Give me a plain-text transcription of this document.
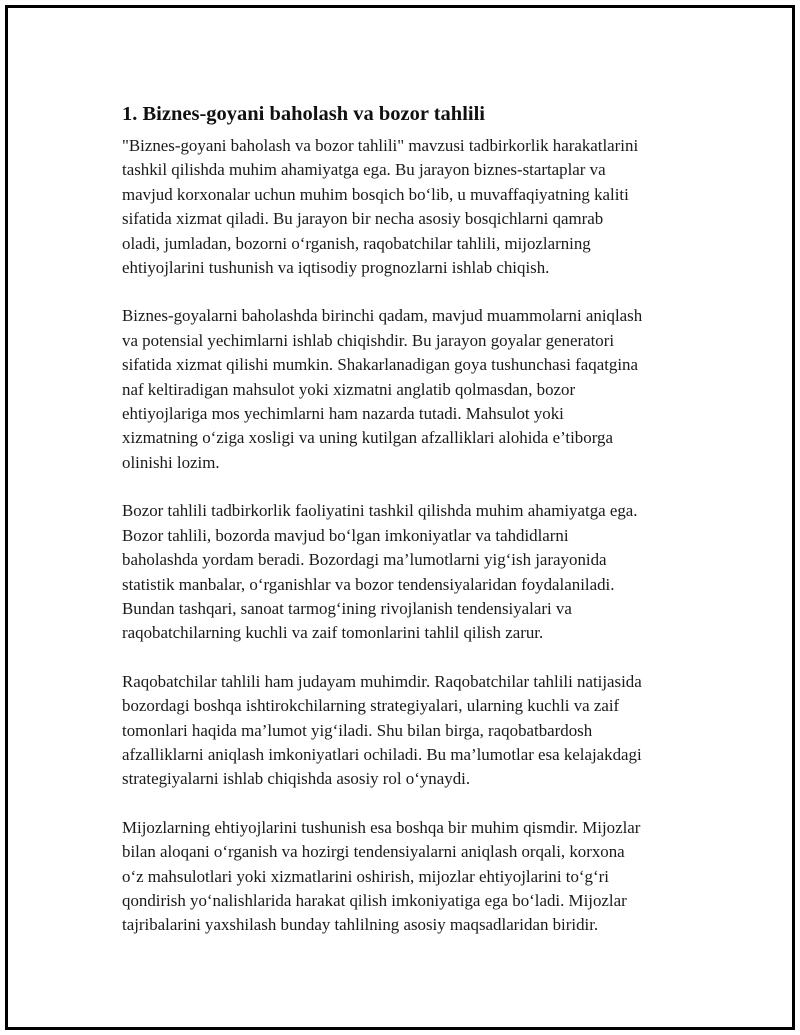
1. Biznes-goyani baholash va bozor tahlili

"Biznes-goyani baholash va bozor tahlili" mavzusi tadbirkorlik harakatlarini
tashkil qilishda muhim ahamiyatga ega. Bu jarayon biznes-startaplar va
mavjud korxonalar uchun muhim bosqich bo‘lib, u muvaffaqiyatning kaliti
sifatida xizmat qiladi. Bu jarayon bir necha asosiy bosqichlarni qamrab
oladi, jumladan, bozorni o‘rganish, raqobatchilar tahlili, mijozlarning
ehtiyojlarini tushunish va iqtisodiy prognozlarni ishlab chiqish.

Biznes-goyalarni baholashda birinchi qadam, mavjud muammolarni aniqlash
va potensial yechimlarni ishlab chiqishdir. Bu jarayon goyalar generatori
sifatida xizmat qilishi mumkin. Shakarlanadigan goya tushunchasi faqatgina
naf keltiradigan mahsulot yoki xizmatni anglatib qolmasdan, bozor
ehtiyojlariga mos yechimlarni ham nazarda tutadi. Mahsulot yoki
xizmatning o‘ziga xosligi va uning kutilgan afzalliklari alohida e’tiborga
olinishi lozim.

Bozor tahlili tadbirkorlik faoliyatini tashkil qilishda muhim ahamiyatga ega.
Bozor tahlili, bozorda mavjud bo‘lgan imkoniyatlar va tahdidlarni
baholashda yordam beradi. Bozordagi ma’lumotlarni yig‘ish jarayonida
statistik manbalar, o‘rganishlar va bozor tendensiyalaridan foydalaniladi.
Bundan tashqari, sanoat tarmog‘ining rivojlanish tendensiyalari va
raqobatchilarning kuchli va zaif tomonlarini tahlil qilish zarur.

Raqobatchilar tahlili ham judayam muhimdir. Raqobatchilar tahlili natijasida
bozordagi boshqa ishtirokchilarning strategiyalari, ularning kuchli va zaif
tomonlari haqida ma’lumot yig‘iladi. Shu bilan birga, raqobatbardosh
afzalliklarni aniqlash imkoniyatlari ochiladi. Bu ma’lumotlar esa kelajakdagi
strategiyalarni ishlab chiqishda asosiy rol o‘ynaydi.

Mijozlarning ehtiyojlarini tushunish esa boshqa bir muhim qismdir. Mijozlar
bilan aloqani o‘rganish va hozirgi tendensiyalarni aniqlash orqali, korxona
o‘z mahsulotlari yoki xizmatlarini oshirish, mijozlar ehtiyojlarini to‘g‘ri
qondirish yo‘nalishlarida harakat qilish imkoniyatiga ega bo‘ladi. Mijozlar
tajribalarini yaxshilash bunday tahlilning asosiy maqsadlaridan biridir.
